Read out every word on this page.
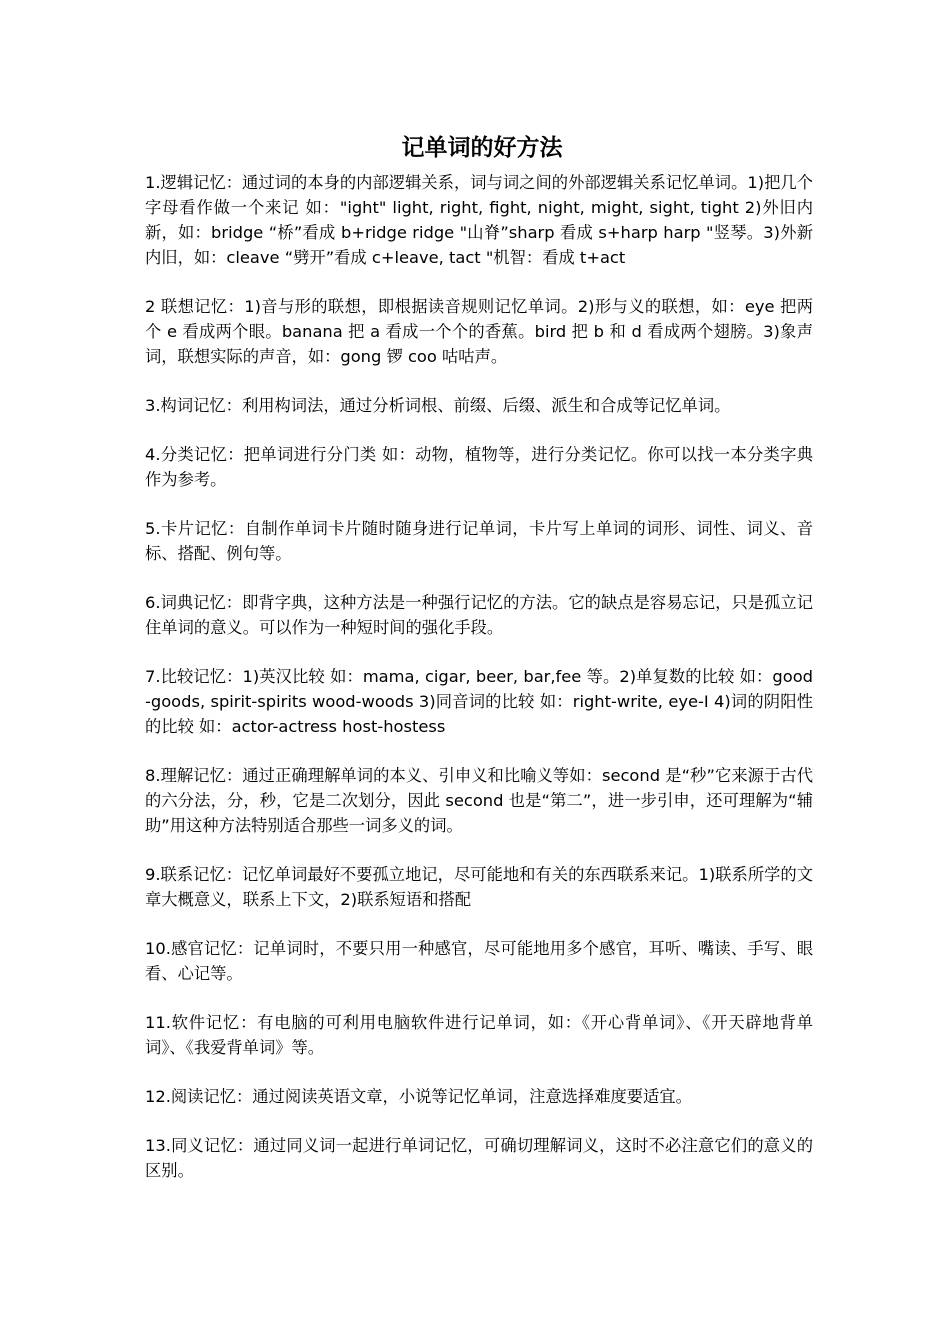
记单词的好方法

1.逻辑记忆：通过词的本身的内部逻辑关系，词与词之间的外部逻辑关系记忆单词。1)把几个字母看作做一个来记 如："ight" light, right, fight, night, might, sight, tight 2)外旧内新，如：bridge “桥”看成 b+ridge ridge "山脊”sharp 看成 s+harp harp "竖琴。3)外新内旧，如：cleave “劈开”看成 c+leave, tact "机智：看成 t+act

2 联想记忆：1)音与形的联想，即根据读音规则记忆单词。2)形与义的联想，如：eye 把两个 e 看成两个眼。banana 把 a 看成一个个的香蕉。bird 把 b 和 d 看成两个翅膀。3)象声词，联想实际的声音，如：gong 锣 coo 咕咕声。

3.构词记忆：利用构词法，通过分析词根、前缀、后缀、派生和合成等记忆单词。

4.分类记忆：把单词进行分门类 如：动物，植物等，进行分类记忆。你可以找一本分类字典作为参考。

5.卡片记忆：自制作单词卡片随时随身进行记单词，卡片写上单词的词形、词性、词义、音标、搭配、例句等。

6.词典记忆：即背字典，这种方法是一种强行记忆的方法。它的缺点是容易忘记，只是孤立记住单词的意义。可以作为一种短时间的强化手段。

7.比较记忆：1)英汉比较 如：mama, cigar, beer, bar,fee 等。2)单复数的比较 如：good-goods, spirit-spirits wood-woods 3)同音词的比较 如：right-write, eye-I 4)词的阴阳性的比较 如：actor-actress host-hostess

8.理解记忆：通过正确理解单词的本义、引申义和比喻义等如：second 是“秒”它来源于古代的六分法，分，秒，它是二次划分，因此 second 也是“第二”，进一步引申，还可理解为“辅助”用这种方法特别适合那些一词多义的词。

9.联系记忆：记忆单词最好不要孤立地记，尽可能地和有关的东西联系来记。1)联系所学的文章大概意义，联系上下文，2)联系短语和搭配

10.感官记忆：记单词时，不要只用一种感官，尽可能地用多个感官，耳听、嘴读、手写、眼看、心记等。

11.软件记忆：有电脑的可利用电脑软件进行记单词，如：《开心背单词》、《开天辟地背单词》、《我爱背单词》等。

12.阅读记忆：通过阅读英语文章，小说等记忆单词，注意选择难度要适宜。

13.同义记忆：通过同义词一起进行单词记忆，可确切理解词义，这时不必注意它们的意义的区别。
